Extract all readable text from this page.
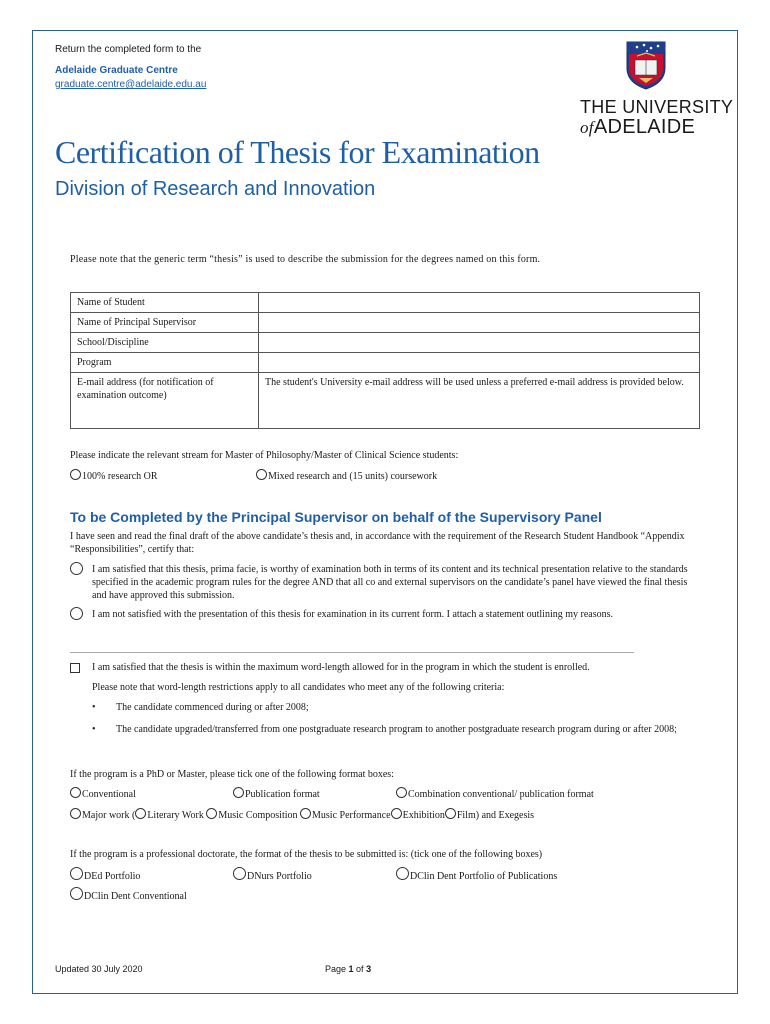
Return the completed form to the
Adelaide Graduate Centre
graduate.centre@adelaide.edu.au
THE UNIVERSITY
ofADELAIDE
Certification of Thesis for Examination
Division of Research and Innovation
Please note that the generic term “thesis” is used to describe the submission for the degrees named on this form.
Name of Student	
Name of Principal Supervisor	
School/Discipline	
Program	
E-mail address (for notification of examination outcome)	The student's University e-mail address will be used unless a preferred e-mail address is provided below.
Please indicate the relevant stream for Master of Philosophy/Master of Clinical Science students:
100% research OR	Mixed research and (15 units) coursework
To be Completed by the Principal Supervisor on behalf of the Supervisory Panel
I have seen and read the final draft of the above candidate’s thesis and, in accordance with the requirement of the Research Student Handbook “Appendix “Responsibilities”, certify that:
I am satisfied that this thesis, prima facie, is worthy of examination both in terms of its content and its technical presentation relative to the standards specified in the academic program rules for the degree AND that all co and external supervisors on the candidate’s panel have viewed the final thesis and have approved this submission.
I am not satisfied with the presentation of this thesis for examination in its current form. I attach a statement outlining my reasons.
I am satisfied that the thesis is within the maximum word-length allowed for in the program in which the student is enrolled.
Please note that word-length restrictions apply to all candidates who meet any of the following criteria:
• The candidate commenced during or after 2008;
• The candidate upgraded/transferred from one postgraduate research program to another postgraduate research program during or after 2008;
If the program is a PhD or Master, please tick one of the following format boxes:
Conventional	Publication format	Combination conventional/ publication format
Major work ( Literary Work Music Composition Music Performance Exhibition Film) and Exegesis
If the program is a professional doctorate, the format of the thesis to be submitted is: (tick one of the following boxes)
DEd Portfolio	DNurs Portfolio	DClin Dent Portfolio of Publications
DClin Dent Conventional
Updated 30 July 2020	Page 1 of 3
